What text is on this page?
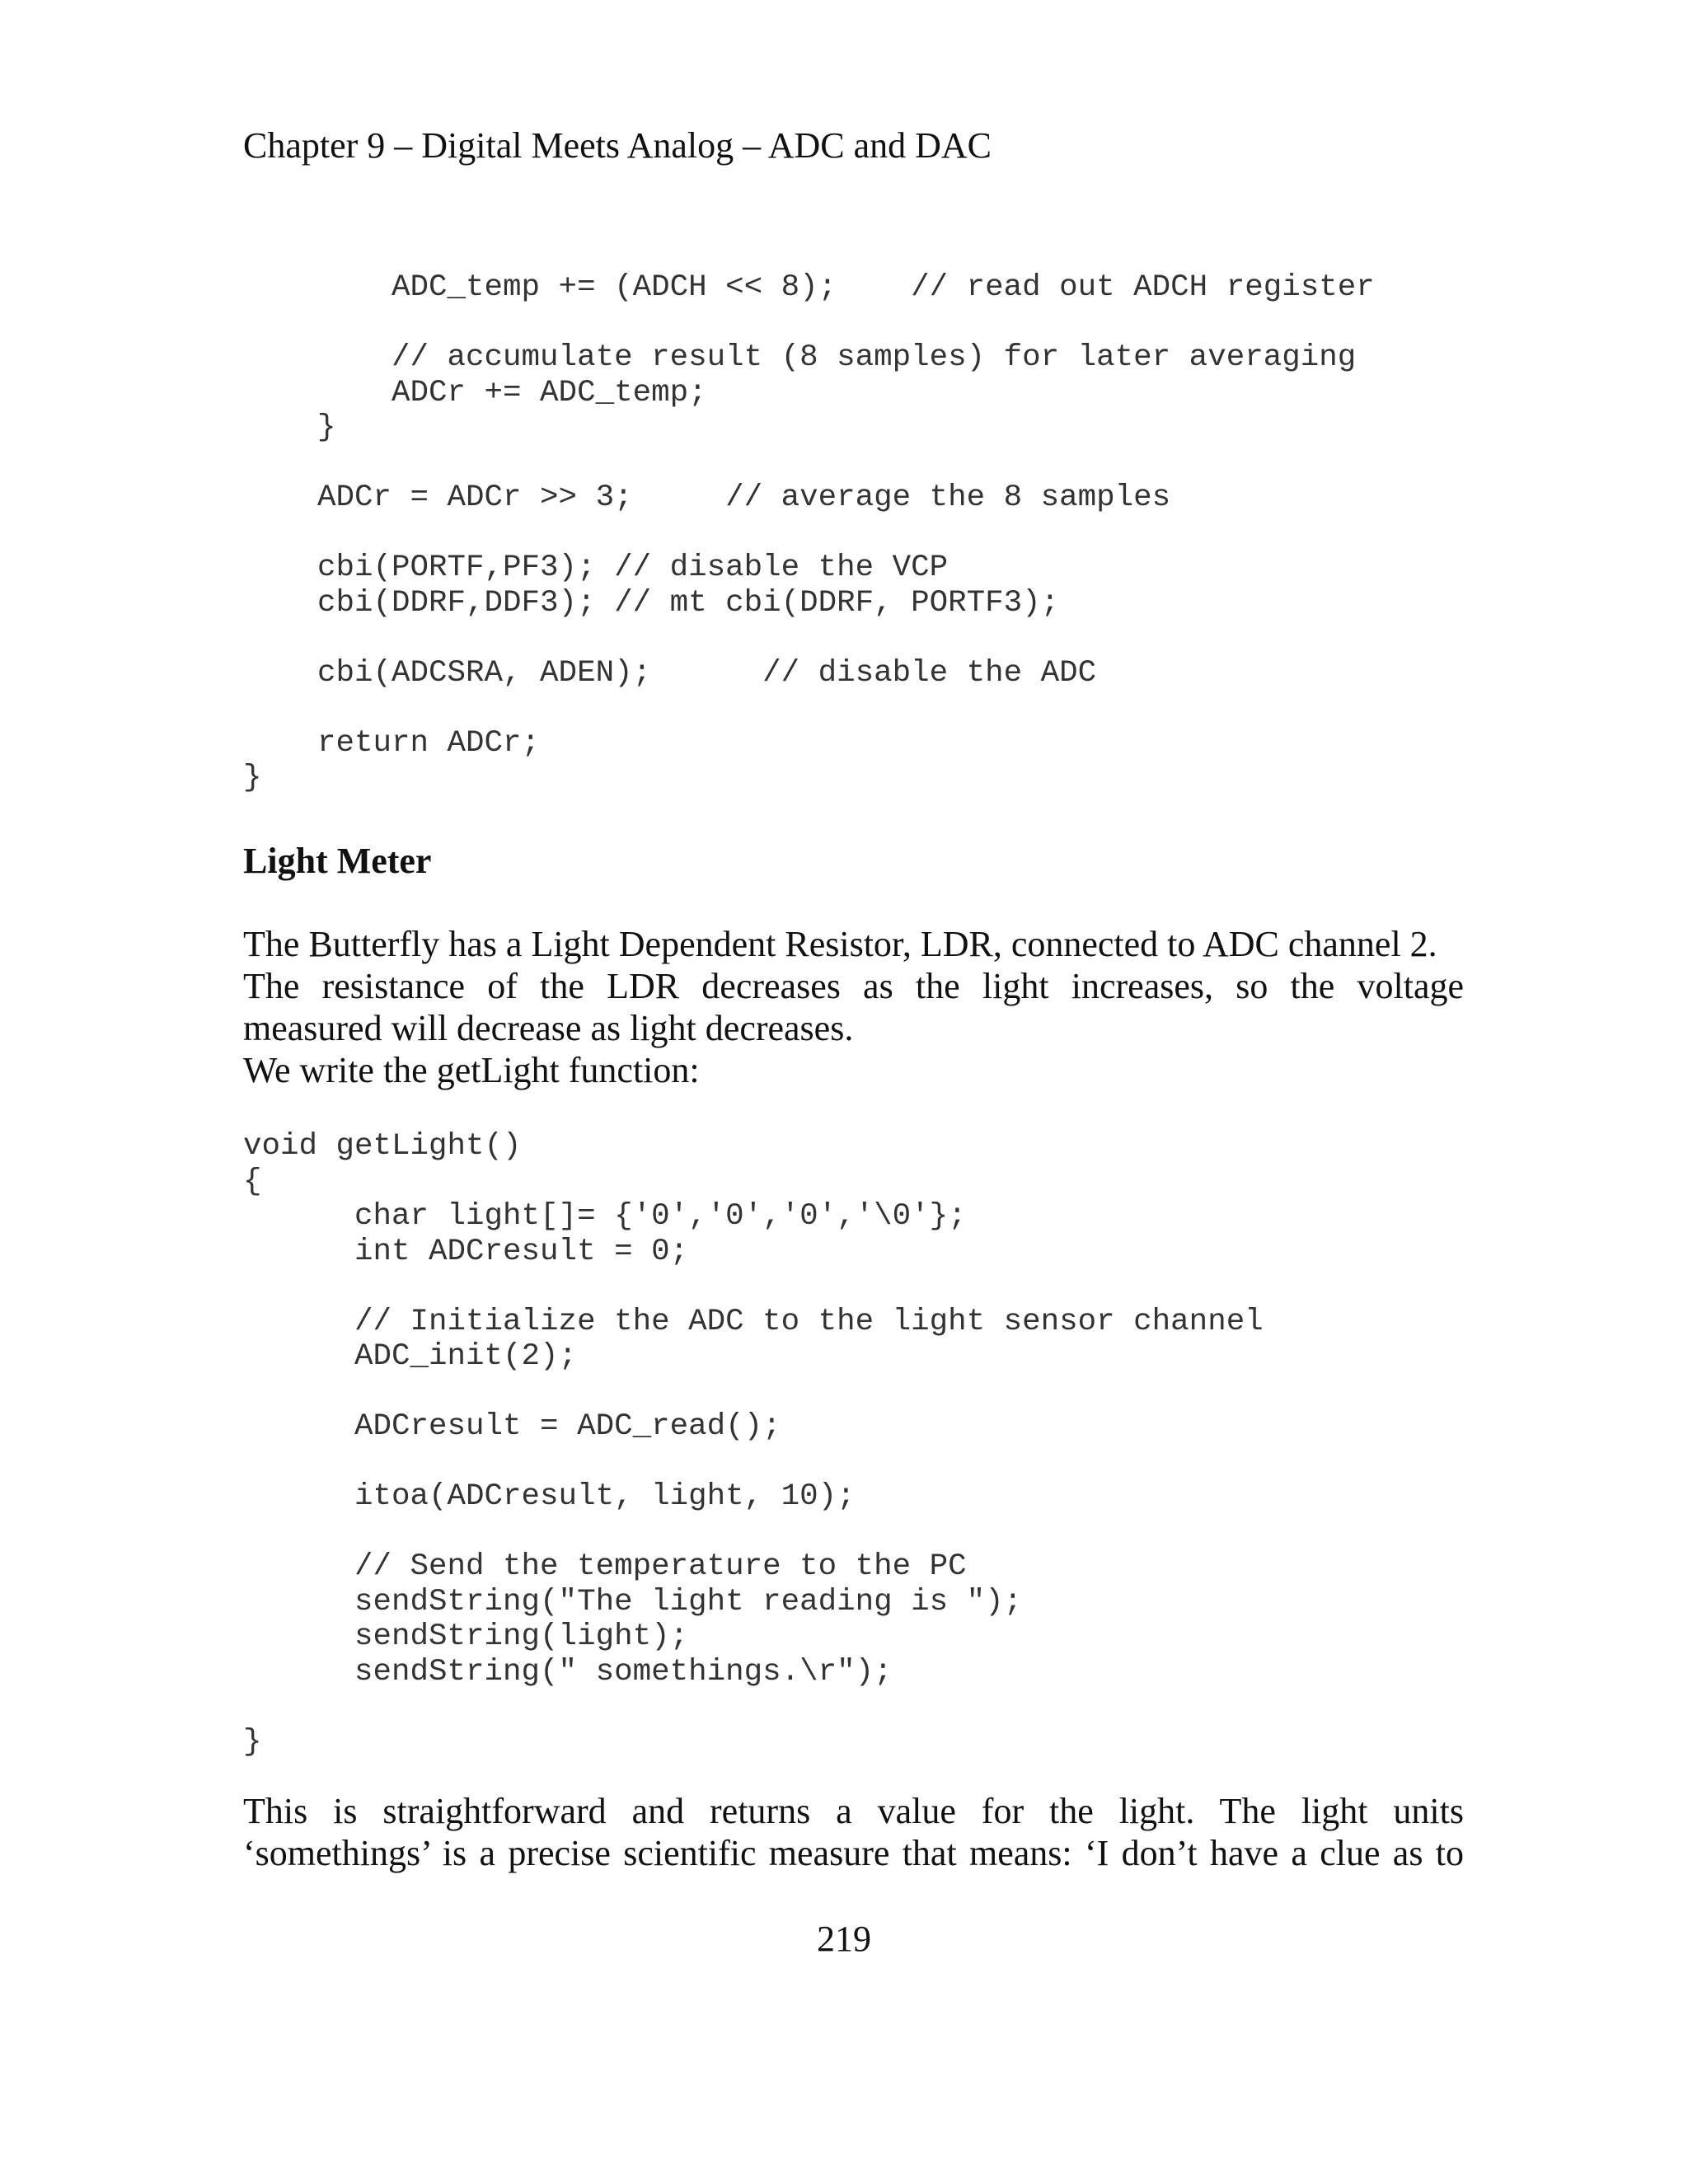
Chapter 9 – Digital Meets Analog – ADC and DAC
ADC_temp += (ADCH << 8);    // read out ADCH register
// accumulate result (8 samples) for later averaging
ADCr += ADC_temp;
}
ADCr = ADCr >> 3;     // average the 8 samples
cbi(PORTF,PF3); // disable the VCP
cbi(DDRF,DDF3); // mt cbi(DDRF, PORTF3);
cbi(ADCSRA, ADEN);      // disable the ADC
return ADCr;
}
Light Meter
The Butterfly has a Light Dependent Resistor, LDR, connected to ADC channel 2.
The resistance of the LDR decreases as the light increases, so the voltage
measured will decrease as light decreases.
We write the getLight function:
void getLight()
{
char light[]= {'0','0','0','\0'};
int ADCresult = 0;
// Initialize the ADC to the light sensor channel
ADC_init(2);
ADCresult = ADC_read();
itoa(ADCresult, light, 10);
// Send the temperature to the PC
sendString("The light reading is ");
sendString(light);
sendString(" somethings.\r");
}
This is straightforward and returns a value for the light. The light units
‘somethings’ is a precise scientific measure that means: ‘I don’t have a clue as to
219
